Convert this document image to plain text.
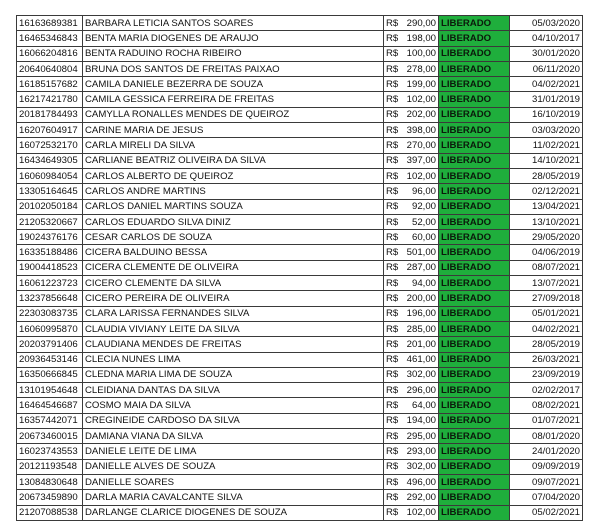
16163689381	BARBARA LETICIA SANTOS SOARES	R$ 290,00	LIBERADO	05/03/2020
16465346843	BENTA MARIA DIOGENES DE ARAUJO	R$ 198,00	LIBERADO	04/10/2017
16066204816	BENTA RADUINO ROCHA RIBEIRO	R$ 100,00	LIBERADO	30/01/2020
20640640804	BRUNA DOS SANTOS DE FREITAS PAIXAO	R$ 278,00	LIBERADO	06/11/2020
16185157682	CAMILA DANIELE BEZERRA DE SOUZA	R$ 199,00	LIBERADO	04/02/2021
16217421780	CAMILA GESSICA FERREIRA DE FREITAS	R$ 102,00	LIBERADO	31/01/2019
20181784493	CAMYLLA RONALLES MENDES DE QUEIROZ	R$ 202,00	LIBERADO	16/10/2019
16207604917	CARINE MARIA DE JESUS	R$ 398,00	LIBERADO	03/03/2020
16072532170	CARLA MIRELI DA SILVA	R$ 270,00	LIBERADO	11/02/2021
16434649305	CARLIANE BEATRIZ OLIVEIRA DA SILVA	R$ 397,00	LIBERADO	14/10/2021
16060984054	CARLOS ALBERTO DE QUEIROZ	R$ 102,00	LIBERADO	28/05/2019
13305164645	CARLOS ANDRE MARTINS	R$ 96,00	LIBERADO	02/12/2021
20102050184	CARLOS DANIEL MARTINS SOUZA	R$ 92,00	LIBERADO	13/04/2021
21205320667	CARLOS EDUARDO SILVA DINIZ	R$ 52,00	LIBERADO	13/10/2021
19024376176	CESAR CARLOS DE SOUZA	R$ 60,00	LIBERADO	29/05/2020
16335188486	CICERA BALDUINO BESSA	R$ 501,00	LIBERADO	04/06/2019
19004418523	CICERA CLEMENTE DE OLIVEIRA	R$ 287,00	LIBERADO	08/07/2021
16061223723	CICERO CLEMENTE DA SILVA	R$ 94,00	LIBERADO	13/07/2021
13237856648	CICERO PEREIRA DE OLIVEIRA	R$ 200,00	LIBERADO	27/09/2018
22303083735	CLARA LARISSA FERNANDES SILVA	R$ 196,00	LIBERADO	05/01/2021
16060995870	CLAUDIA VIVIANY LEITE DA SILVA	R$ 285,00	LIBERADO	04/02/2021
20203791406	CLAUDIANA MENDES DE FREITAS	R$ 201,00	LIBERADO	28/05/2019
20936453146	CLECIA NUNES LIMA	R$ 461,00	LIBERADO	26/03/2021
16350666845	CLEDNA MARIA LIMA DE SOUZA	R$ 302,00	LIBERADO	23/09/2019
13101954648	CLEIDIANA DANTAS DA SILVA	R$ 296,00	LIBERADO	02/02/2017
16464546687	COSMO MAIA DA SILVA	R$ 64,00	LIBERADO	08/02/2021
16357442071	CREGINEIDE CARDOSO DA SILVA	R$ 194,00	LIBERADO	01/07/2021
20673460015	DAMIANA VIANA DA SILVA	R$ 295,00	LIBERADO	08/01/2020
16023743553	DANIELE LEITE DE LIMA	R$ 293,00	LIBERADO	24/01/2020
20121193548	DANIELLE ALVES DE SOUZA	R$ 302,00	LIBERADO	09/09/2019
13084830648	DANIELLE SOARES	R$ 496,00	LIBERADO	09/07/2021
20673459890	DARLA MARIA CAVALCANTE SILVA	R$ 292,00	LIBERADO	07/04/2020
21207088538	DARLANGE CLARICE DIOGENES DE SOUZA	R$ 102,00	LIBERADO	05/02/2021
